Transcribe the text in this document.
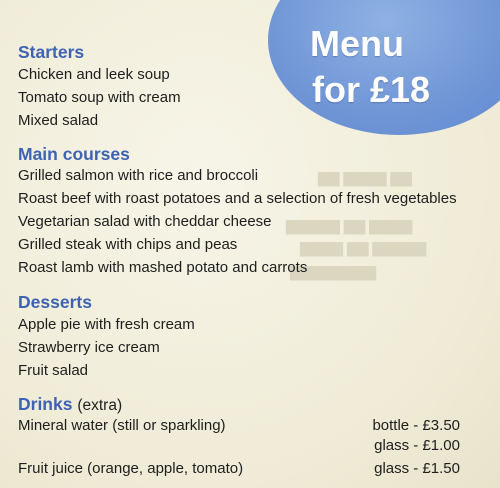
▇▇ ▇▇▇▇ ▇▇
▇▇▇▇▇ ▇▇ ▇▇▇▇
▇▇▇▇ ▇▇ ▇▇▇▇▇
▇▇▇▇▇▇▇▇
Menu
for £18
Starters
Chicken and leek soup
Tomato soup with cream
Mixed salad
Main courses
Grilled salmon with rice and broccoli
Roast beef with roast potatoes and a selection of fresh vegetables
Vegetarian salad with cheddar cheese
Grilled steak with chips and peas
Roast lamb with mashed potato and carrots
Desserts
Apple pie with fresh cream
Strawberry ice cream
Fruit salad
Drinks (extra)
Mineral water (still or sparkling)	bottle - £3.50
glass - £1.00
Fruit juice (orange, apple, tomato)	glass - £1.50
